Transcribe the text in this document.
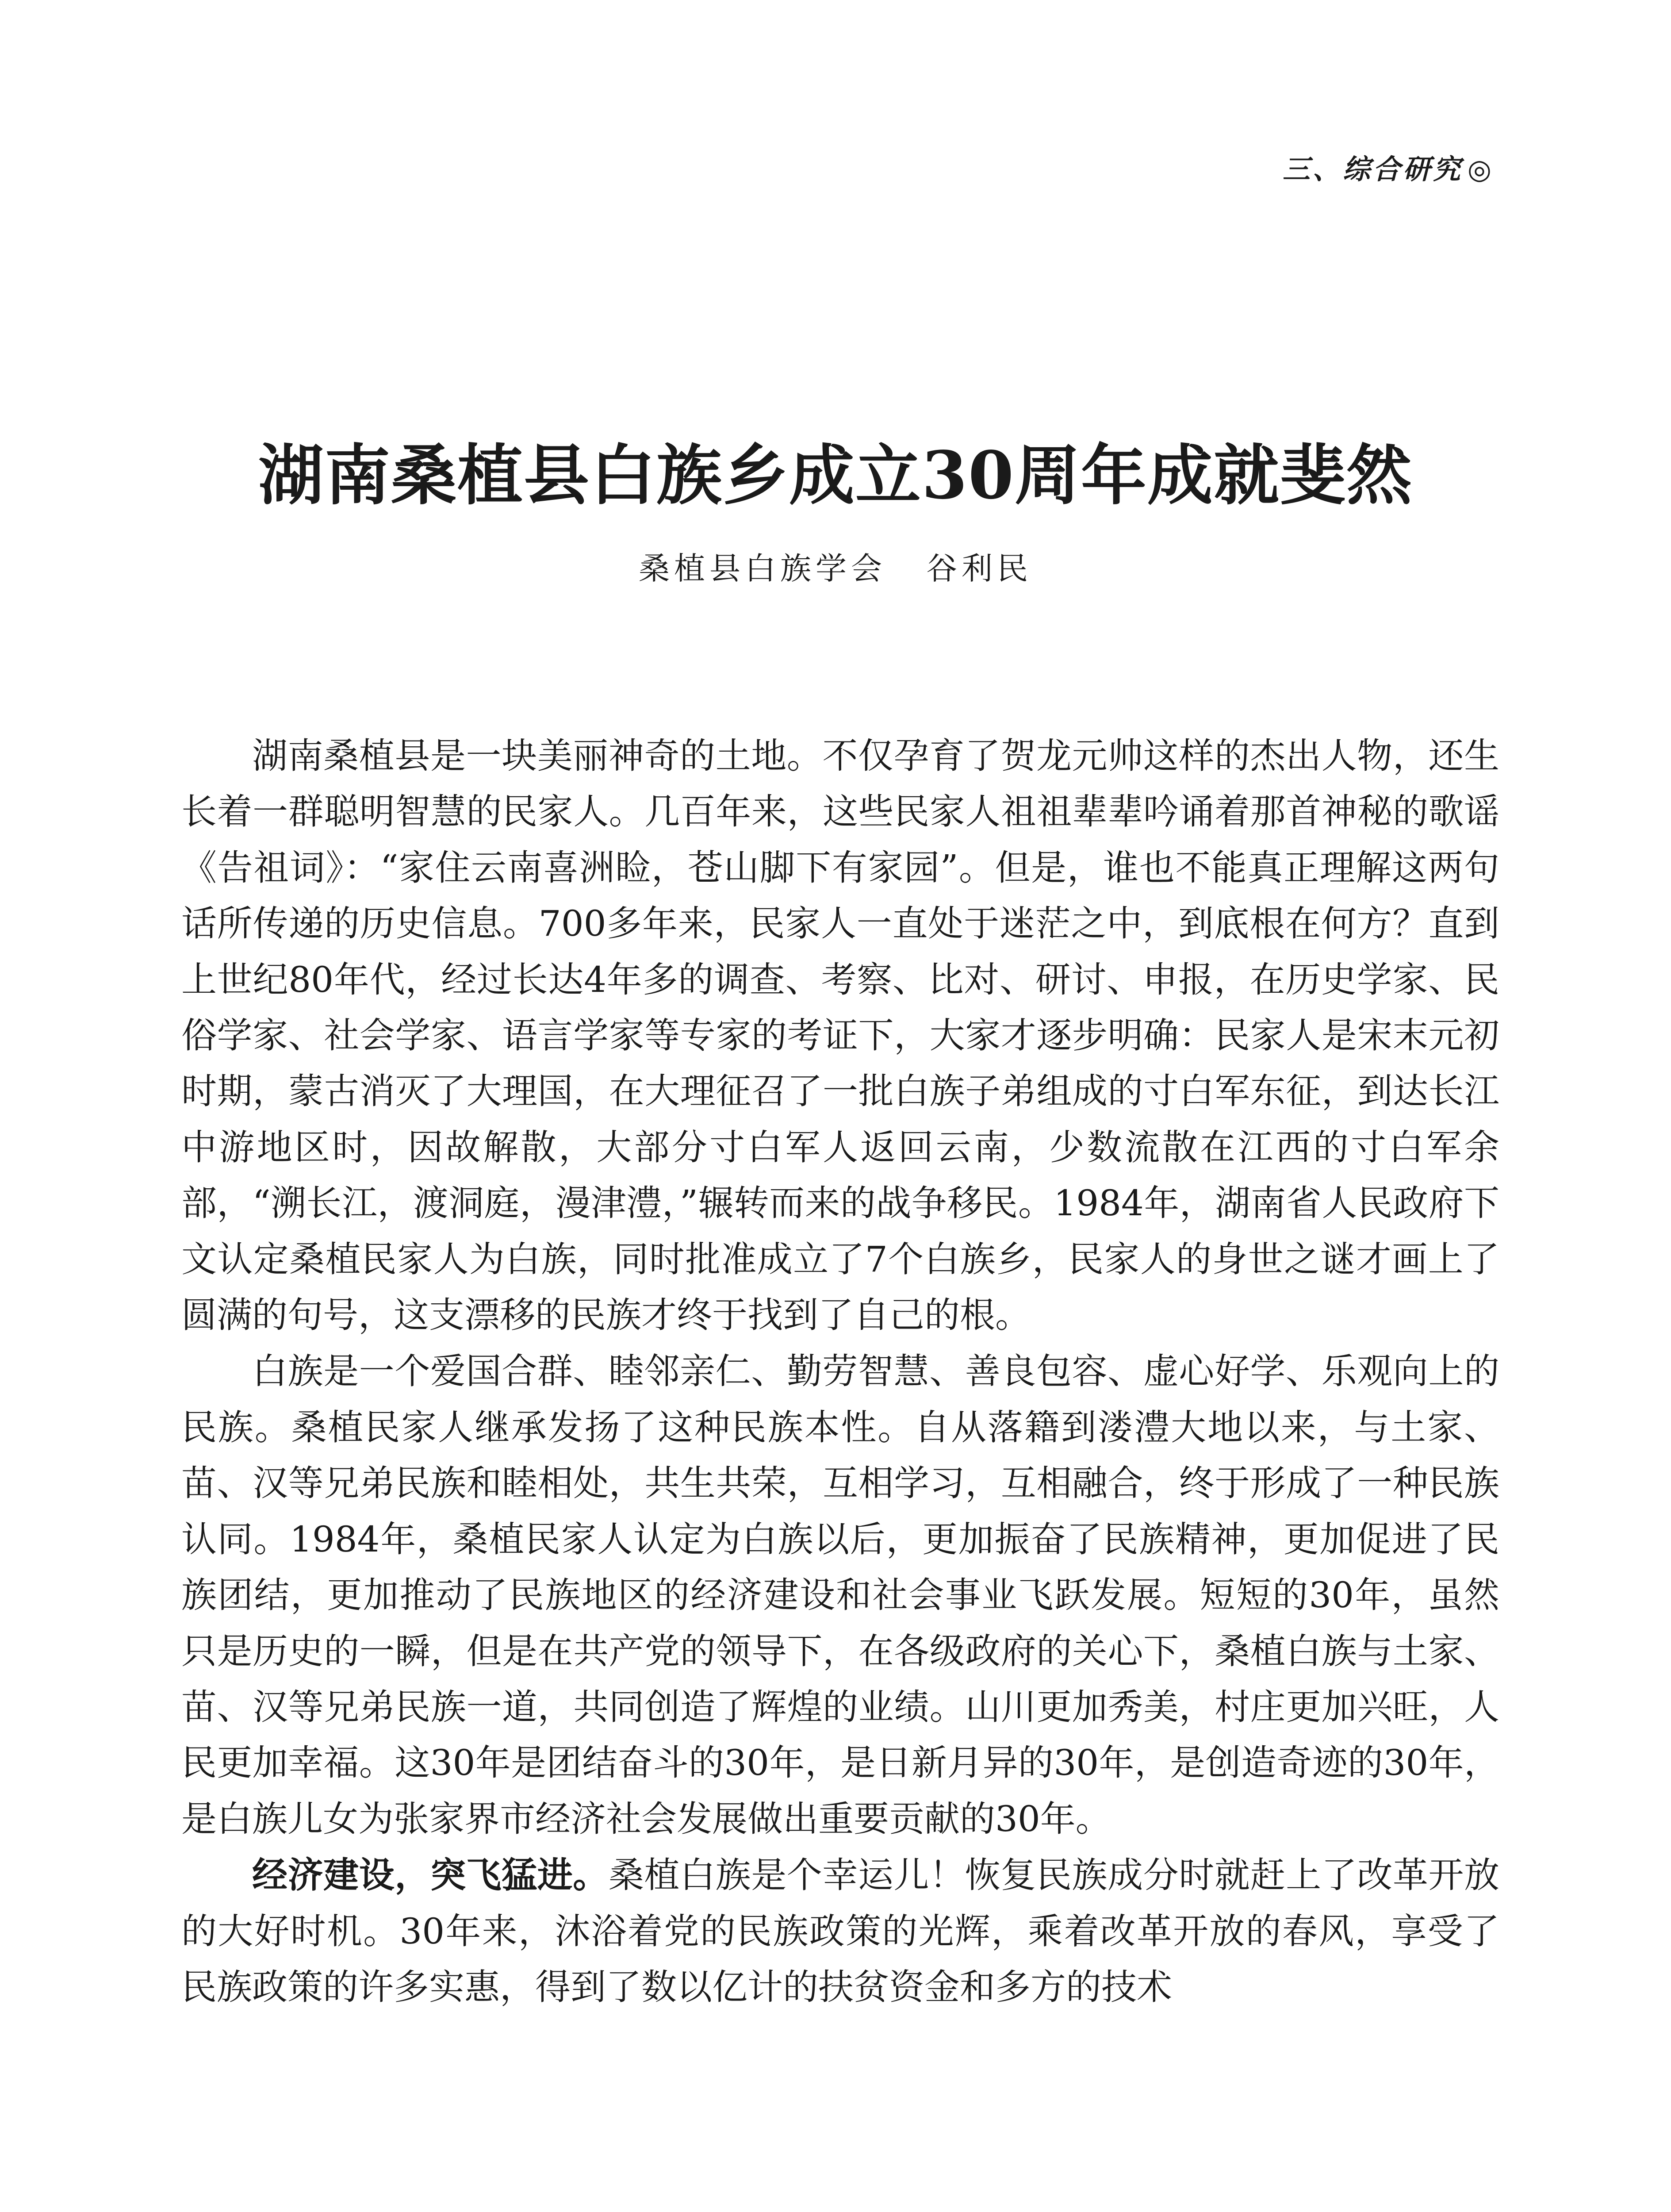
三、综合研究 ◎
湖南桑植县白族乡成立30周年成就斐然
桑植县白族学会 谷利民

湖南桑植县是一块美丽神奇的土地。不仅孕育了贺龙元帅这样的杰出人物，还生长着一群聪明智慧的民家人。几百年来，这些民家人祖祖辈辈吟诵着那首神秘的歌谣《告祖词》：“家住云南喜洲睑，苍山脚下有家园”。但是，谁也不能真正理解这两句话所传递的历史信息。700多年来，民家人一直处于迷茫之中，到底根在何方？直到上世纪80年代，经过长达4年多的调查、考察、比对、研讨、申报，在历史学家、民俗学家、社会学家、语言学家等专家的考证下，大家才逐步明确：民家人是宋末元初时期，蒙古消灭了大理国，在大理征召了一批白族子弟组成的寸白军东征，到达长江中游地区时，因故解散，大部分寸白军人返回云南，少数流散在江西的寸白军余部，“溯长江，渡洞庭，漫津澧，”辗转而来的战争移民。1984年，湖南省人民政府下文认定桑植民家人为白族，同时批准成立了7个白族乡，民家人的身世之谜才画上了圆满的句号，这支漂移的民族才终于找到了自己的根。

白族是一个爱国合群、睦邻亲仁、勤劳智慧、善良包容、虚心好学、乐观向上的民族。桑植民家人继承发扬了这种民族本性。自从落籍到溇澧大地以来，与土家、苗、汉等兄弟民族和睦相处，共生共荣，互相学习，互相融合，终于形成了一种民族认同。1984年，桑植民家人认定为白族以后，更加振奋了民族精神，更加促进了民族团结，更加推动了民族地区的经济建设和社会事业飞跃发展。短短的30年，虽然只是历史的一瞬，但是在共产党的领导下，在各级政府的关心下，桑植白族与土家、苗、汉等兄弟民族一道，共同创造了辉煌的业绩。山川更加秀美，村庄更加兴旺，人民更加幸福。这30年是团结奋斗的30年，是日新月异的30年，是创造奇迹的30年，是白族儿女为张家界市经济社会发展做出重要贡献的30年。

经济建设，突飞猛进。桑植白族是个幸运儿！恢复民族成分时就赶上了改革开放的大好时机。30年来，沐浴着党的民族政策的光辉，乘着改革开放的春风，享受了民族政策的许多实惠，得到了数以亿计的扶贫资金和多方的技术
